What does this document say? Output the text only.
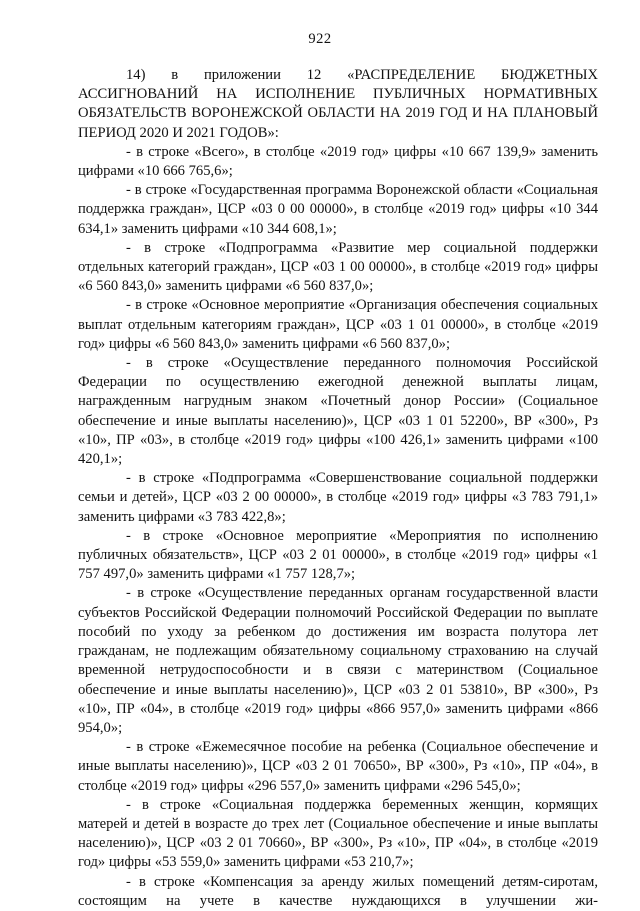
922

14) в приложении 12 «РАСПРЕДЕЛЕНИЕ БЮДЖЕТНЫХ АССИГНОВАНИЙ НА ИСПОЛНЕНИЕ ПУБЛИЧНЫХ НОРМАТИВНЫХ ОБЯЗАТЕЛЬСТВ ВОРОНЕЖСКОЙ ОБЛАСТИ НА 2019 ГОД И НА ПЛАНОВЫЙ ПЕРИОД 2020 И 2021 ГОДОВ»:

- в строке «Всего», в столбце «2019 год» цифры «10 667 139,9» заменить цифрами «10 666 765,6»;

- в строке «Государственная программа Воронежской области «Социальная поддержка граждан», ЦСР «03 0 00 00000», в столбце «2019 год» цифры «10 344 634,1» заменить цифрами «10 344 608,1»;

- в строке «Подпрограмма «Развитие мер социальной поддержки отдельных категорий граждан», ЦСР «03 1 00 00000», в столбце «2019 год» цифры «6 560 843,0» заменить цифрами «6 560 837,0»;

- в строке «Основное мероприятие «Организация обеспечения социальных выплат отдельным категориям граждан», ЦСР «03 1 01 00000», в столбце «2019 год» цифры «6 560 843,0» заменить цифрами «6 560 837,0»;

- в строке «Осуществление переданного полномочия Российской Федерации по осуществлению ежегодной денежной выплаты лицам, награжденным нагрудным знаком «Почетный донор России» (Социальное обеспечение и иные выплаты населению)», ЦСР «03 1 01 52200», ВР «300», Рз «10», ПР «03», в столбце «2019 год» цифры «100 426,1» заменить цифрами «100 420,1»;

- в строке «Подпрограмма «Совершенствование социальной поддержки семьи и детей», ЦСР «03 2 00 00000», в столбце «2019 год» цифры «3 783 791,1» заменить цифрами «3 783 422,8»;

- в строке «Основное мероприятие «Мероприятия по исполнению публичных обязательств», ЦСР «03 2 01 00000», в столбце «2019 год» цифры «1 757 497,0» заменить цифрами «1 757 128,7»;

- в строке «Осуществление переданных органам государственной власти субъектов Российской Федерации полномочий Российской Федерации по выплате пособий по уходу за ребенком до достижения им возраста полутора лет гражданам, не подлежащим обязательному социальному страхованию на случай временной нетрудоспособности и в связи с материнством (Социальное обеспечение и иные выплаты населению)», ЦСР «03 2 01 53810», ВР «300», Рз «10», ПР «04», в столбце «2019 год» цифры «866 957,0» заменить цифрами «866 954,0»;

- в строке «Ежемесячное пособие на ребенка (Социальное обеспечение и иные выплаты населению)», ЦСР «03 2 01 70650», ВР «300», Рз «10», ПР «04», в столбце «2019 год» цифры «296 557,0» заменить цифрами «296 545,0»;

- в строке «Социальная поддержка беременных женщин, кормящих матерей и детей в возрасте до трех лет (Социальное обеспечение и иные выплаты населению)», ЦСР «03 2 01 70660», ВР «300», Рз «10», ПР «04», в столбце «2019 год» цифры «53 559,0» заменить цифрами «53 210,7»;

- в строке «Компенсация за аренду жилых помещений детям-сиротам, состоящим на учете в качестве нуждающихся в улучшении жи-
